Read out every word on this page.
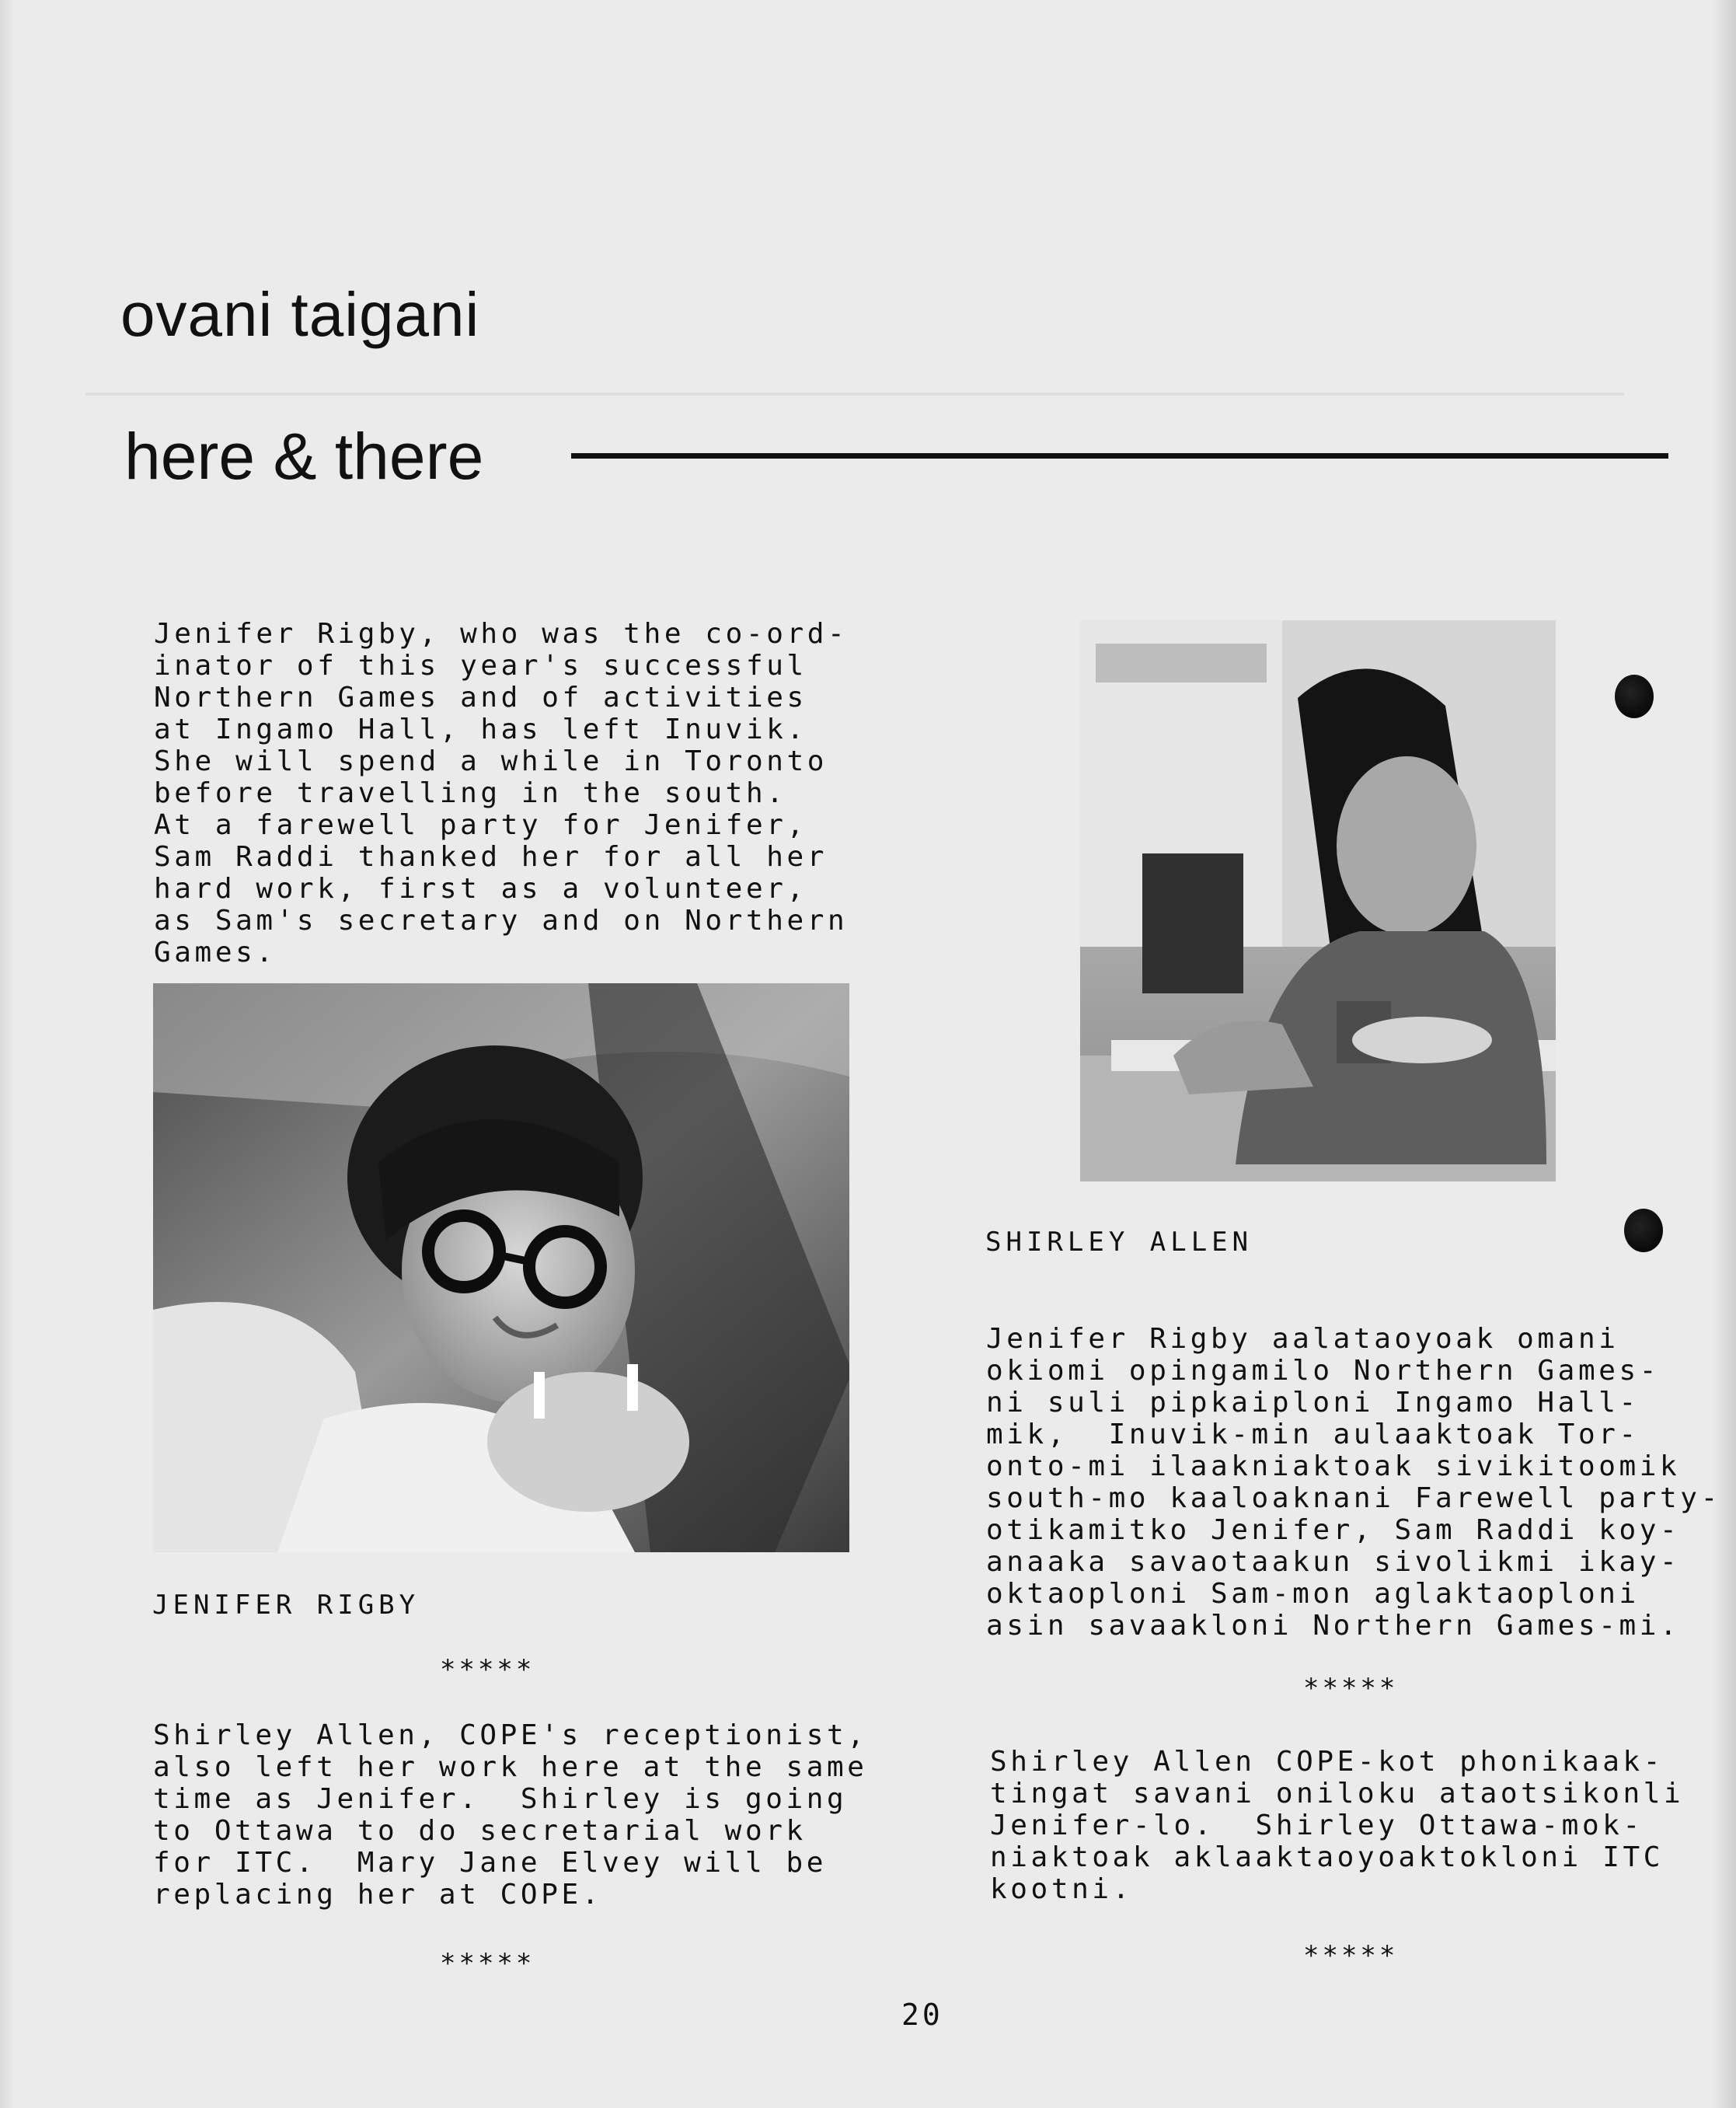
ovani taigani
here & there
Jenifer Rigby, who was the co-ord-
inator of this year's successful
Northern Games and of activities
at Ingamo Hall, has left Inuvik.
She will spend a while in Toronto
before travelling in the south.
At a farewell party for Jenifer,
Sam Raddi thanked her for all her
hard work, first as a volunteer,
as Sam's secretary and on Northern
Games.
JENIFER RIGBY
*****
Shirley Allen, COPE's receptionist,
also left her work here at the same
time as Jenifer.  Shirley is going
to Ottawa to do secretarial work
for ITC.  Mary Jane Elvey will be
replacing her at COPE.
*****
SHIRLEY ALLEN
Jenifer Rigby aalataoyoak omani
okiomi opingamilo Northern Games-
ni suli pipkaiploni Ingamo Hall-
mik,  Inuvik-min aulaaktoak Tor-
onto-mi ilaakniaktoak sivikitoomik
south-mo kaaloaknani Farewell party-
otikamitko Jenifer, Sam Raddi koy-
anaaka savaotaakun sivolikmi ikay-
oktaoploni Sam-mon aglaktaoploni
asin savaakloni Northern Games-mi.
*****
Shirley Allen COPE-kot phonikaak-
tingat savani oniloku ataotsikonli
Jenifer-lo.  Shirley Ottawa-mok-
niaktoak aklaaktaoyoaktokloni ITC
kootni.
*****
20
